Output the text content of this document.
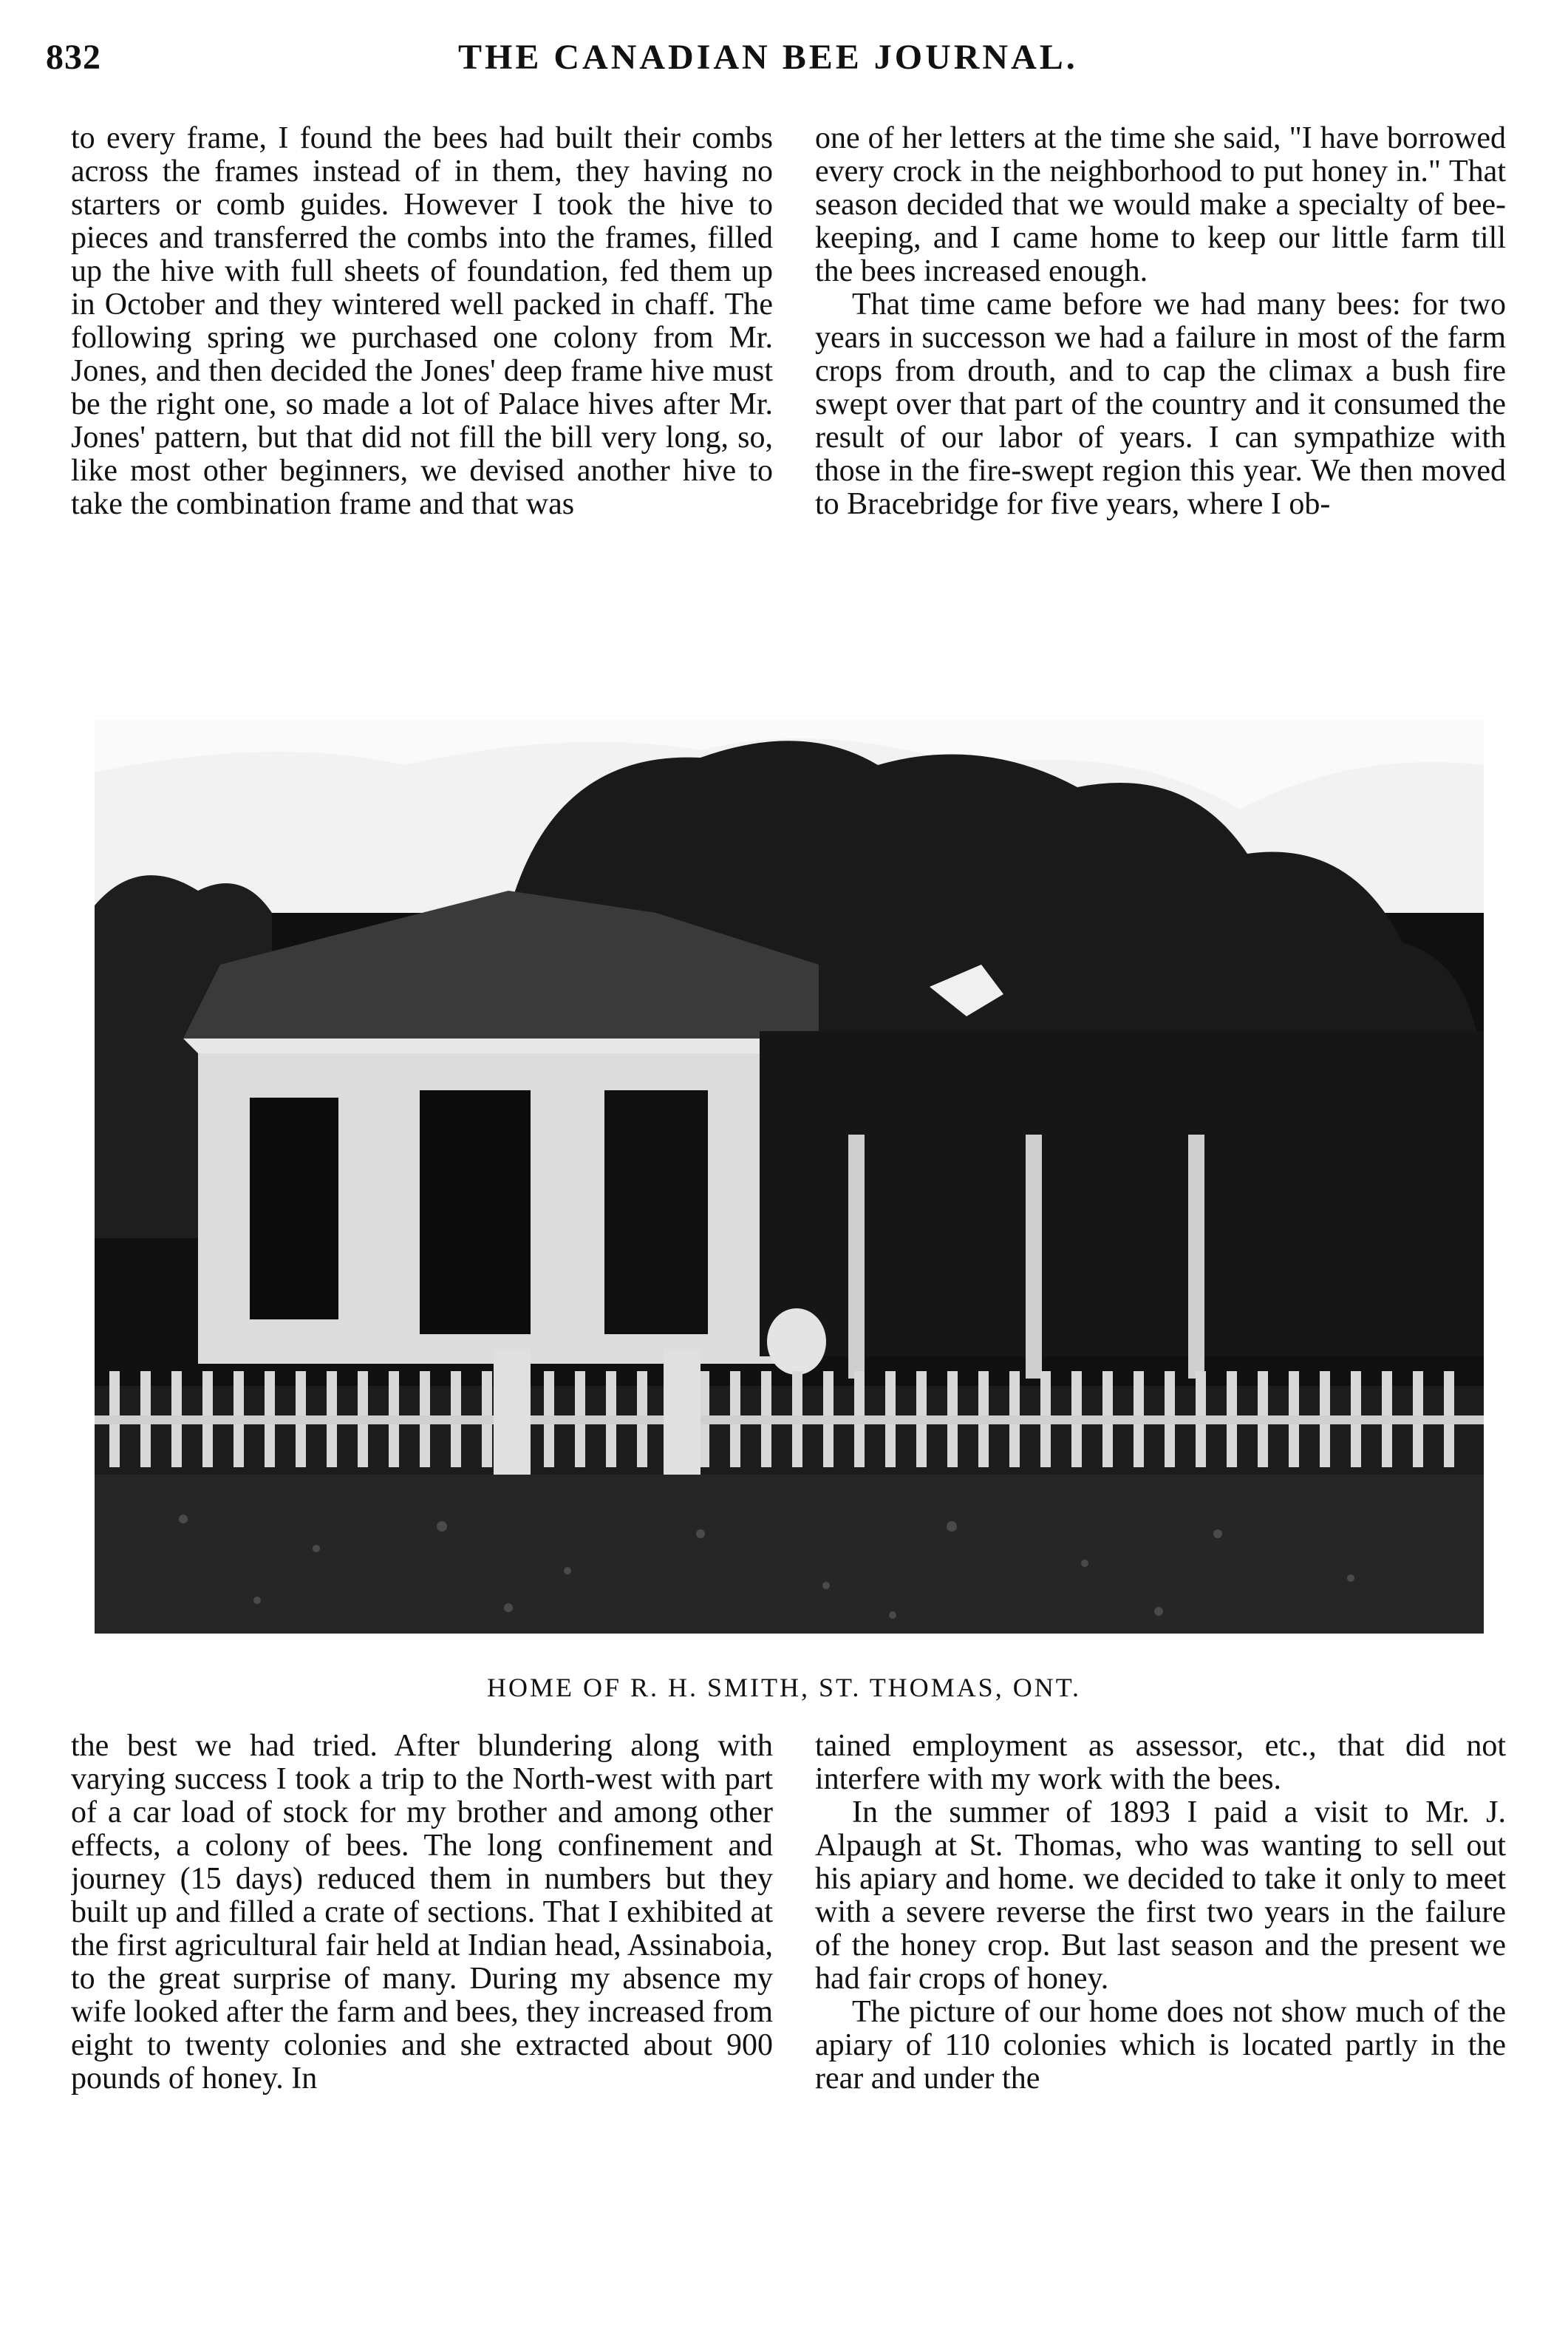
832	THE CANADIAN BEE JOURNAL.

to every frame, I found the bees had built their combs across the frames instead of in them, they having no starters or comb guides. However I took the hive to pieces and transferred the combs into the frames, filled up the hive with full sheets of foundation, fed them up in October and they wintered well packed in chaff. The following spring we purchased one colony from Mr. Jones, and then decided the Jones' deep frame hive must be the right one, so made a lot of Palace hives after Mr. Jones' pattern, but that did not fill the bill very long, so, like most other beginners, we devised another hive to take the combination frame and that was

one of her letters at the time she said, "I have borrowed every crock in the neighborhood to put honey in." That season decided that we would make a specialty of bee-keeping, and I came home to keep our little farm till the bees increased enough.

That time came before we had many bees: for two years in successon we had a failure in most of the farm crops from drouth, and to cap the climax a bush fire swept over that part of the country and it consumed the result of our labor of years. I can sympathize with those in the fire-swept region this year. We then moved to Bracebridge for five years, where I ob-

HOME OF R. H. SMITH, ST. THOMAS, ONT.

the best we had tried. After blundering along with varying success I took a trip to the North-west with part of a car load of stock for my brother and among other effects, a colony of bees. The long confinement and journey (15 days) reduced them in numbers but they built up and filled a crate of sections. That I exhibited at the first agricultural fair held at Indian head, Assinaboia, to the great surprise of many. During my absence my wife looked after the farm and bees, they increased from eight to twenty colonies and she extracted about 900 pounds of honey. In

tained employment as assessor, etc., that did not interfere with my work with the bees.

In the summer of 1893 I paid a visit to Mr. J. Alpaugh at St. Thomas, who was wanting to sell out his apiary and home. we decided to take it only to meet with a severe reverse the first two years in the failure of the honey crop. But last season and the present we had fair crops of honey.

The picture of our home does not show much of the apiary of 110 colonies which is located partly in the rear and under the
